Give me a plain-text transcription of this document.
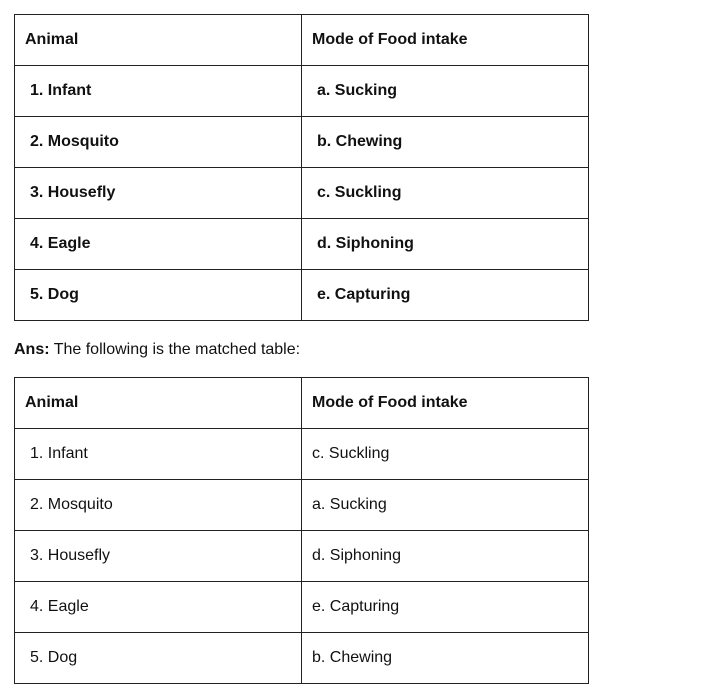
Animal	Mode of Food intake
1. Infant	a. Sucking
2. Mosquito	b. Chewing
3. Housefly	c. Suckling
4. Eagle	d. Siphoning
5. Dog	e. Capturing
Ans: The following is the matched table:
Animal	Mode of Food intake
1. Infant	c. Suckling
2. Mosquito	a. Sucking
3. Housefly	d. Siphoning
4. Eagle	e. Capturing
5. Dog	b. Chewing
